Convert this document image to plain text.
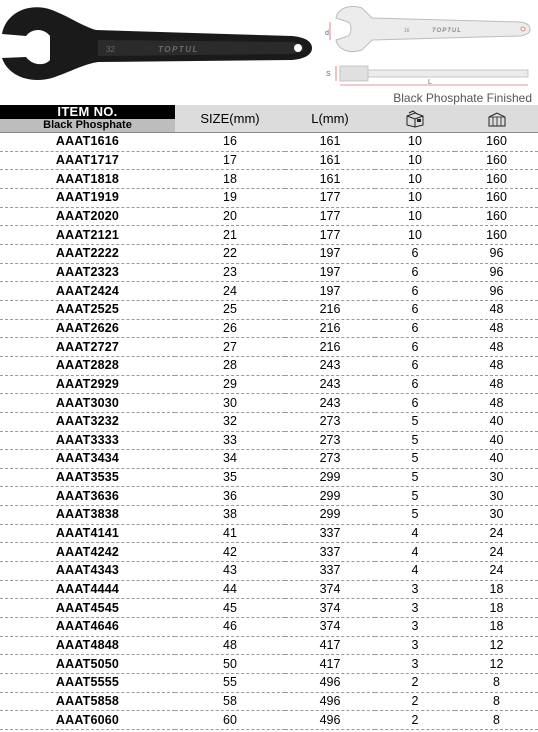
32	TOPTUL
d	16	TOPTUL
S
L
Black Phosphate Finished
ITEM NO.
Black Phosphate	SIZE(mm)	L(mm)	

AAAT1616	16	161	10	160
AAAT1717	17	161	10	160
AAAT1818	18	161	10	160
AAAT1919	19	177	10	160
AAAT2020	20	177	10	160
AAAT2121	21	177	10	160
AAAT2222	22	197	6	96
AAAT2323	23	197	6	96
AAAT2424	24	197	6	96
AAAT2525	25	216	6	48
AAAT2626	26	216	6	48
AAAT2727	27	216	6	48
AAAT2828	28	243	6	48
AAAT2929	29	243	6	48
AAAT3030	30	243	6	48
AAAT3232	32	273	5	40
AAAT3333	33	273	5	40
AAAT3434	34	273	5	40
AAAT3535	35	299	5	30
AAAT3636	36	299	5	30
AAAT3838	38	299	5	30
AAAT4141	41	337	4	24
AAAT4242	42	337	4	24
AAAT4343	43	337	4	24
AAAT4444	44	374	3	18
AAAT4545	45	374	3	18
AAAT4646	46	374	3	18
AAAT4848	48	417	3	12
AAAT5050	50	417	3	12
AAAT5555	55	496	2	8
AAAT5858	58	496	2	8
AAAT6060	60	496	2	8
